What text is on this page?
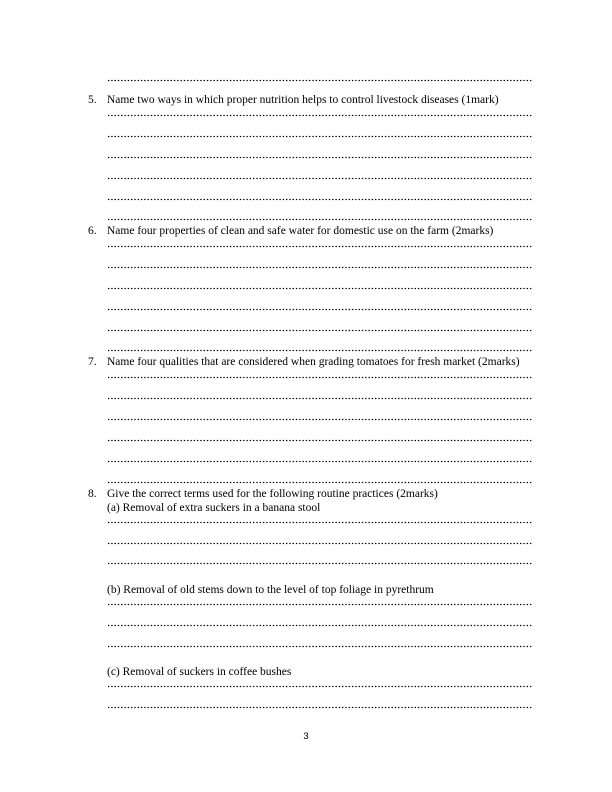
5. Name two ways in which proper nutrition helps to control livestock diseases (1mark)
6. Name four properties of clean and safe water for domestic use on the farm (2marks)
7. Name four qualities that are considered when grading tomatoes for fresh market (2marks)
8. Give the correct terms used for the following routine practices (2marks)
(a) Removal of extra suckers in a banana stool
(b) Removal of old stems down to the level of top foliage in pyrethrum
(c) Removal of suckers in coffee bushes
3
